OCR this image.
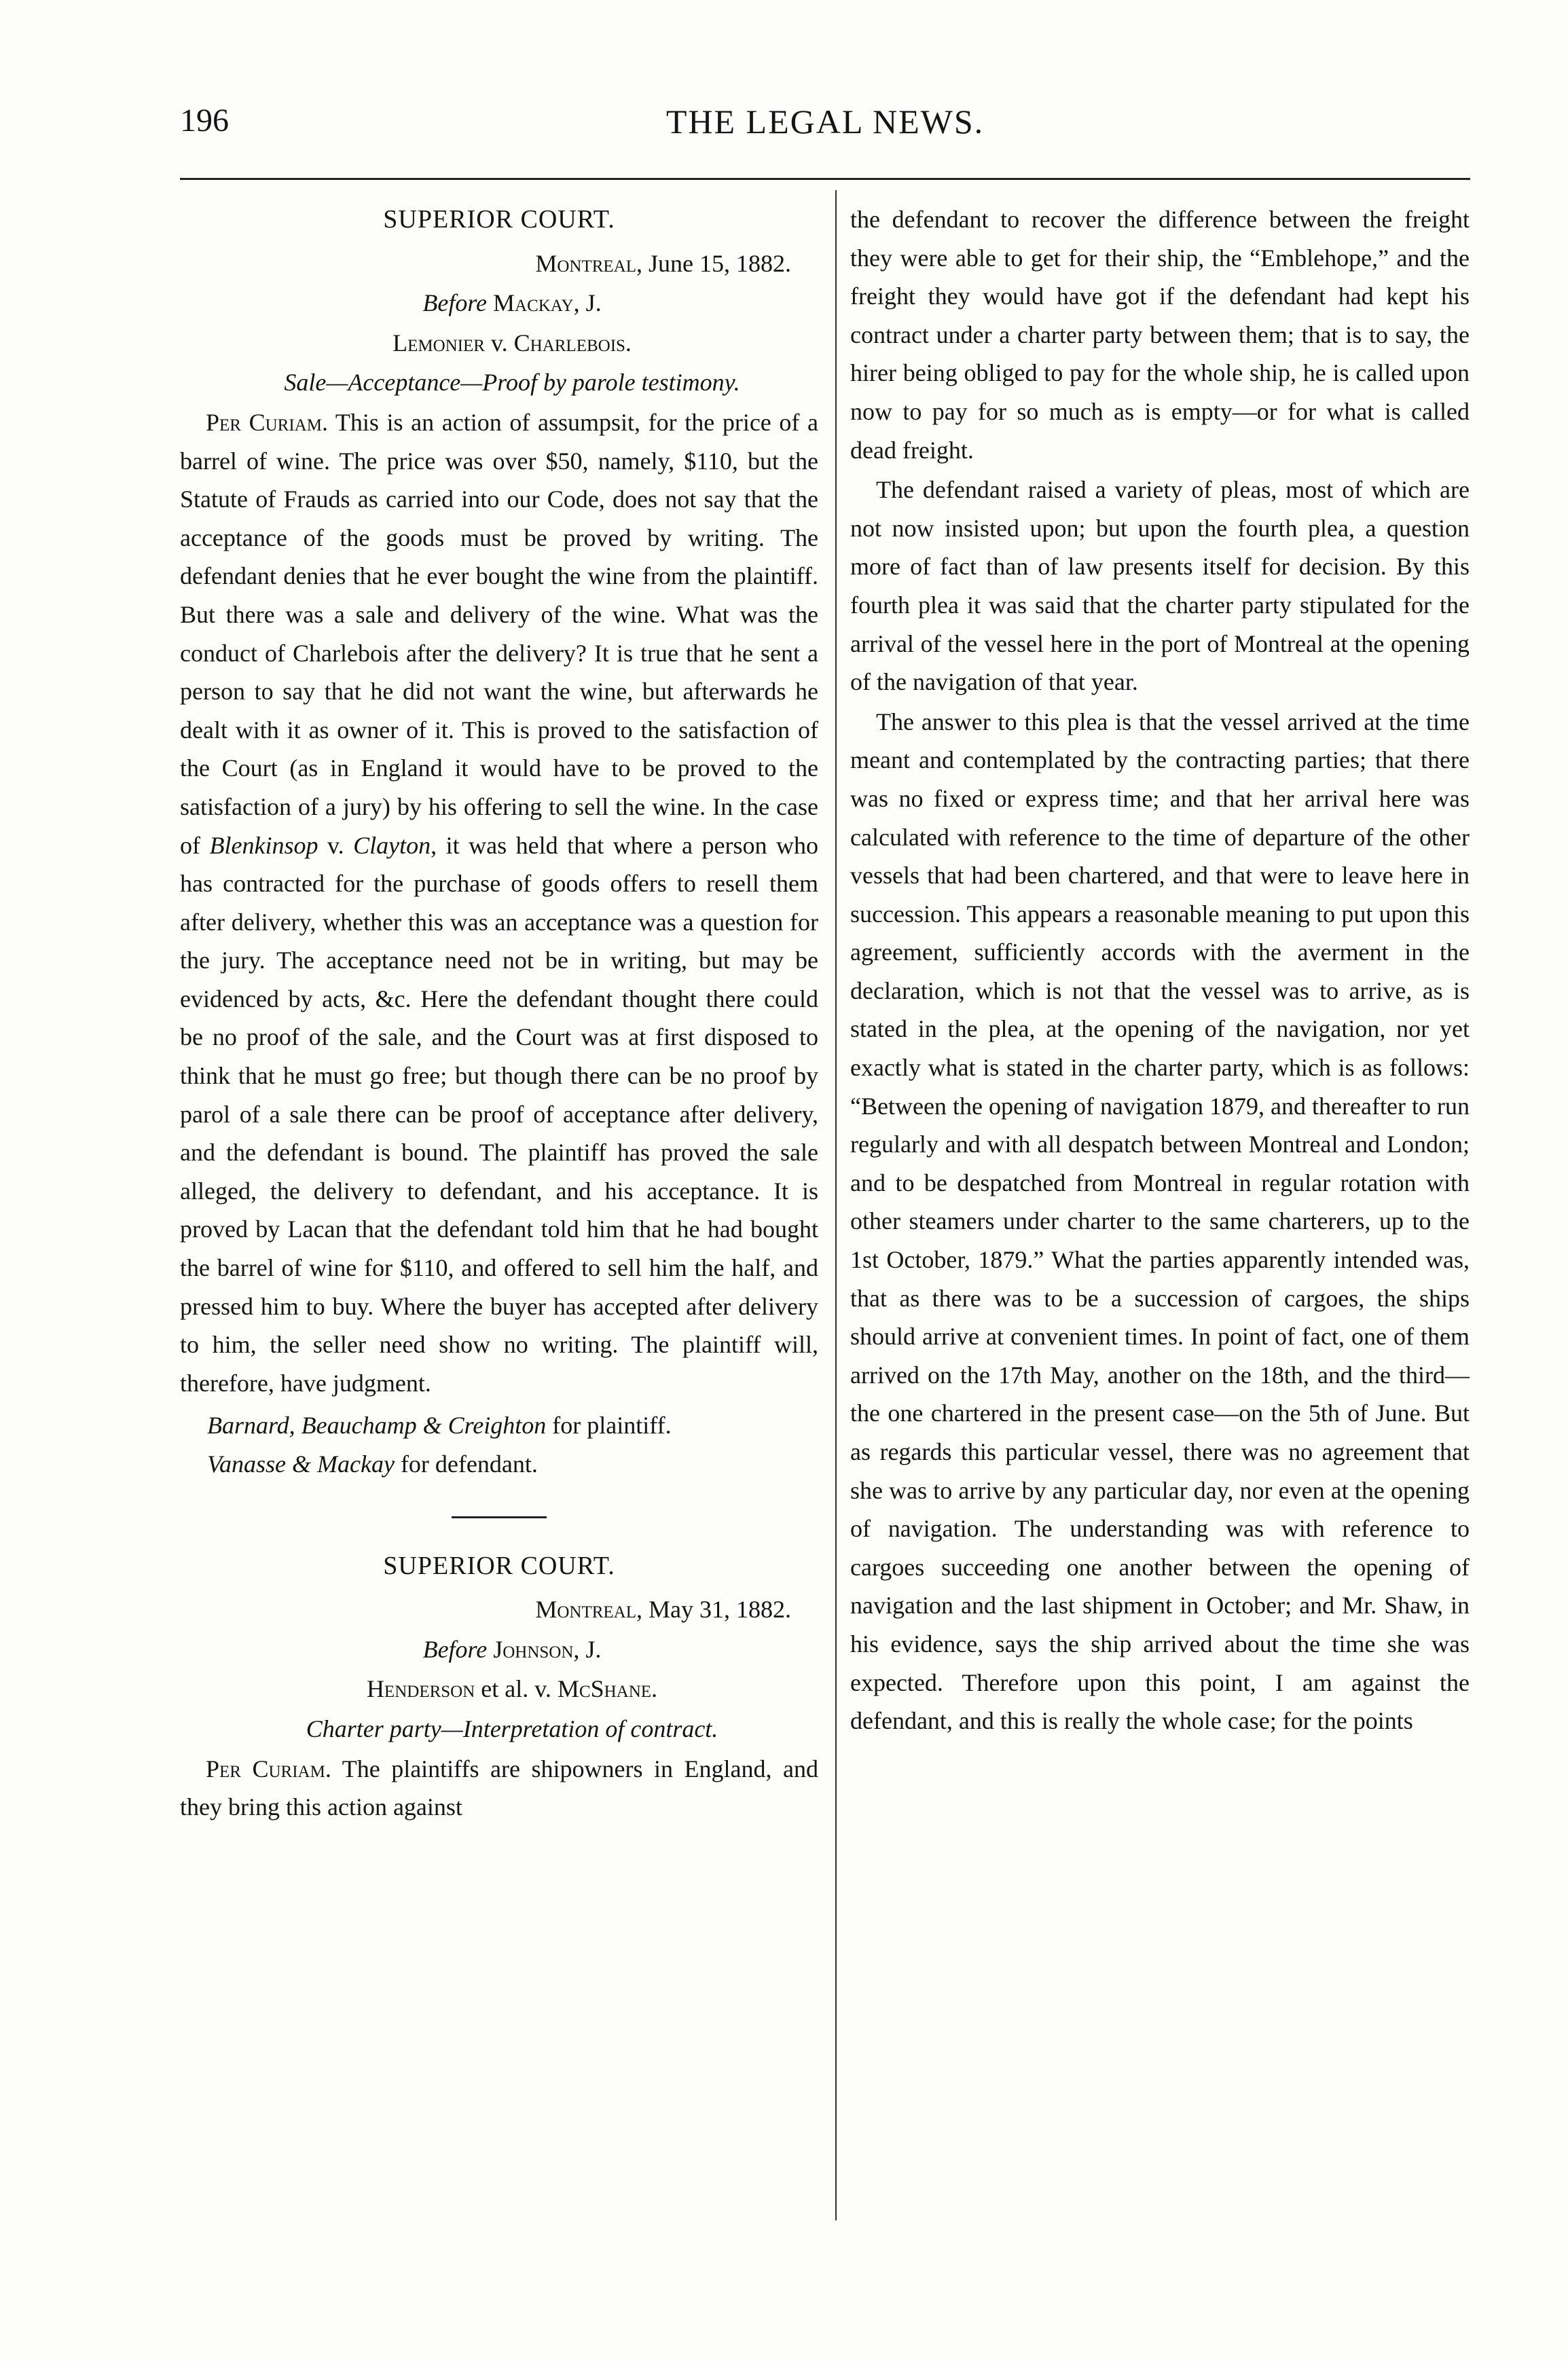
196	THE LEGAL NEWS.
SUPERIOR COURT.

Montreal, June 15, 1882.

Before Mackay, J.

Lemonier v. Charlebois.

Sale—Acceptance—Proof by parole testimony.

Per Curiam. This is an action of assumpsit, for the price of a barrel of wine. The price was over $50, namely, $110, but the Statute of Frauds as carried into our Code, does not say that the acceptance of the goods must be proved by writing. The defendant denies that he ever bought the wine from the plaintiff. But there was a sale and delivery of the wine. What was the conduct of Charlebois after the delivery? It is true that he sent a person to say that he did not want the wine, but afterwards he dealt with it as owner of it. This is proved to the satisfaction of the Court (as in England it would have to be proved to the satisfaction of a jury) by his offering to sell the wine. In the case of Blenkinsop v. Clayton, it was held that where a person who has contracted for the purchase of goods offers to resell them after delivery, whether this was an acceptance was a question for the jury. The acceptance need not be in writing, but may be evidenced by acts, &c. Here the defendant thought there could be no proof of the sale, and the Court was at first disposed to think that he must go free; but though there can be no proof by parol of a sale there can be proof of acceptance after delivery, and the defendant is bound. The plaintiff has proved the sale alleged, the delivery to defendant, and his acceptance. It is proved by Lacan that the defendant told him that he had bought the barrel of wine for $110, and offered to sell him the half, and pressed him to buy. Where the buyer has accepted after delivery to him, the seller need show no writing. The plaintiff will, therefore, have judgment.

Barnard, Beauchamp & Creighton for plaintiff.
Vanasse & Mackay for defendant.
SUPERIOR COURT.

Montreal, May 31, 1882.

Before Johnson, J.

Henderson et al. v. McShane.

Charter party—Interpretation of contract.

Per Curiam. The plaintiffs are shipowners in England, and they bring this action against

the defendant to recover the difference between the freight they were able to get for their ship, the “Emblehope,” and the freight they would have got if the defendant had kept his contract under a charter party between them; that is to say, the hirer being obliged to pay for the whole ship, he is called upon now to pay for so much as is empty—or for what is called dead freight.

The defendant raised a variety of pleas, most of which are not now insisted upon; but upon the fourth plea, a question more of fact than of law presents itself for decision. By this fourth plea it was said that the charter party stipulated for the arrival of the vessel here in the port of Montreal at the opening of the navigation of that year.

The answer to this plea is that the vessel arrived at the time meant and contemplated by the contracting parties; that there was no fixed or express time; and that her arrival here was calculated with reference to the time of departure of the other vessels that had been chartered, and that were to leave here in succession. This appears a reasonable meaning to put upon this agreement, sufficiently accords with the averment in the declaration, which is not that the vessel was to arrive, as is stated in the plea, at the opening of the navigation, nor yet exactly what is stated in the charter party, which is as follows: “Between the opening of navigation 1879, and thereafter to run regularly and with all despatch between Montreal and London; and to be despatched from Montreal in regular rotation with other steamers under charter to the same charterers, up to the 1st October, 1879.” What the parties apparently intended was, that as there was to be a succession of cargoes, the ships should arrive at convenient times. In point of fact, one of them arrived on the 17th May, another on the 18th, and the third—the one chartered in the present case—on the 5th of June. But as regards this particular vessel, there was no agreement that she was to arrive by any particular day, nor even at the opening of navigation. The understanding was with reference to cargoes succeeding one another between the opening of navigation and the last shipment in October; and Mr. Shaw, in his evidence, says the ship arrived about the time she was expected. Therefore upon this point, I am against the defendant, and this is really the whole case; for the points
